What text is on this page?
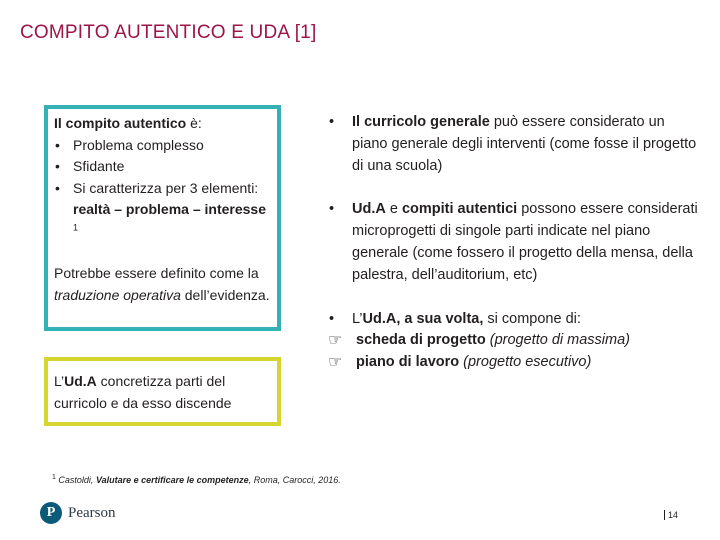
COMPITO AUTENTICO E UDA [1]
Il compito autentico è:
• Problema complesso
• Sfidante
• Si caratterizza per 3 elementi: realtà – problema – interesse $^1$
Potrebbe essere definito come la traduzione operativa dell’evidenza.
L’Ud.A concretizza parti del curricolo e da esso discende
• Il curricolo generale può essere considerato un piano generale degli interventi (come fosse il progetto di una scuola)
• Ud.A e compiti autentici possono essere considerati microprogetti di singole parti indicate nel piano generale (come fossero il progetto della mensa, della palestra, dell’auditorium, etc)
• L’Ud.A, a sua volta, si compone di:
☞ scheda di progetto (progetto di massima)
☞ piano di lavoro (progetto esecutivo)
$^1$ Castoldi, Valutare e certificare le competenze, Roma, Carocci, 2016.
P Pearson	14
